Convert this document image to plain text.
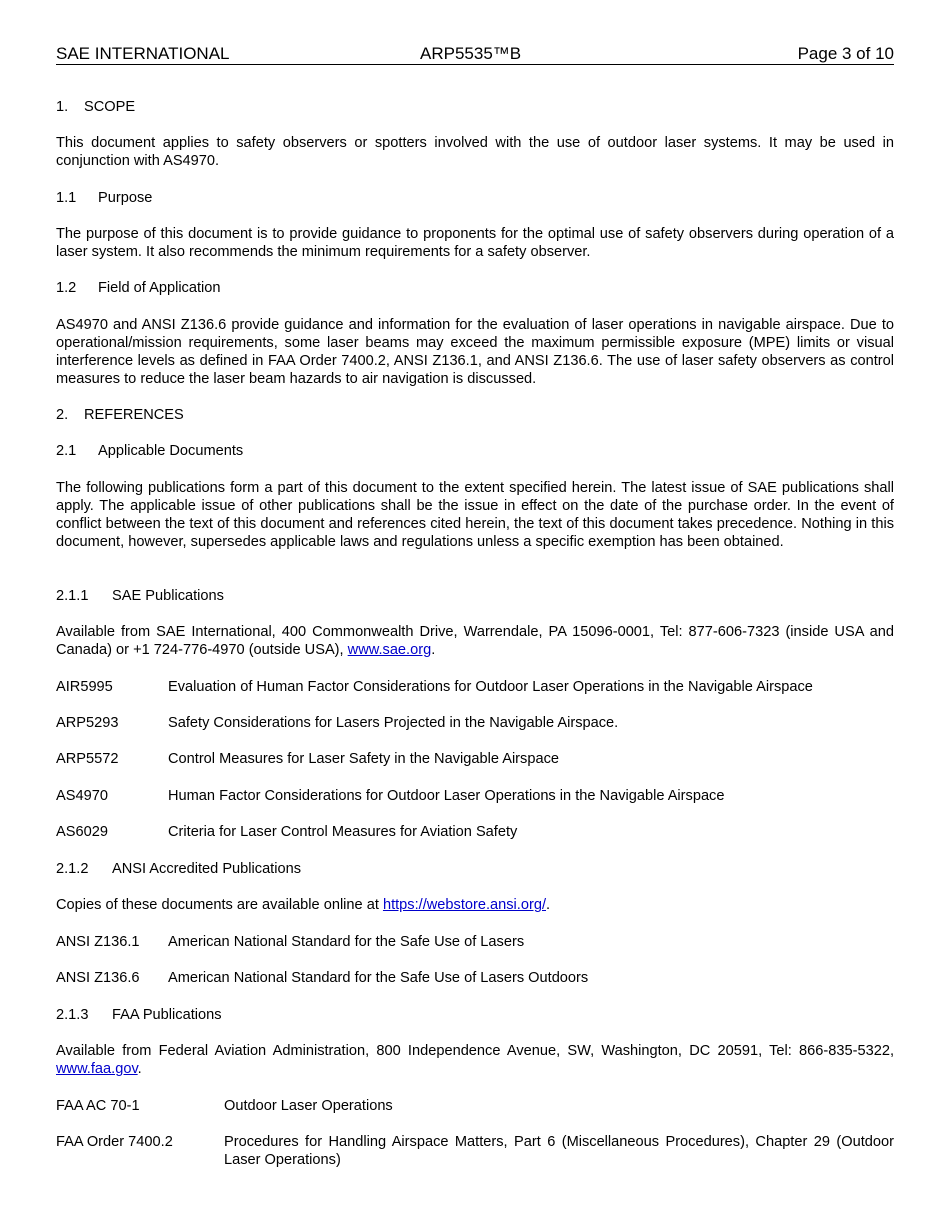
SAE INTERNATIONAL	ARP5535™B	Page 3 of 10
1. SCOPE

This document applies to safety observers or spotters involved with the use of outdoor laser systems. It may be used in conjunction with AS4970.

1.1 Purpose

The purpose of this document is to provide guidance to proponents for the optimal use of safety observers during operation of a laser system. It also recommends the minimum requirements for a safety observer.

1.2 Field of Application

AS4970 and ANSI Z136.6 provide guidance and information for the evaluation of laser operations in navigable airspace. Due to operational/mission requirements, some laser beams may exceed the maximum permissible exposure (MPE) limits or visual interference levels as defined in FAA Order 7400.2, ANSI Z136.1, and ANSI Z136.6. The use of laser safety observers as control measures to reduce the laser beam hazards to air navigation is discussed.

2. REFERENCES
2.1 Applicable Documents

The following publications form a part of this document to the extent specified herein. The latest issue of SAE publications shall apply. The applicable issue of other publications shall be the issue in effect on the date of the purchase order. In the event of conflict between the text of this document and references cited herein, the text of this document takes precedence. Nothing in this document, however, supersedes applicable laws and regulations unless a specific exemption has been obtained.

2.1.1 SAE Publications

Available from SAE International, 400 Commonwealth Drive, Warrendale, PA 15096-0001, Tel: 877-606-7323 (inside USA and Canada) or +1 724-776-4970 (outside USA), www.sae.org.

AIR5995	Evaluation of Human Factor Considerations for Outdoor Laser Operations in the Navigable Airspace
ARP5293	Safety Considerations for Lasers Projected in the Navigable Airspace.
ARP5572	Control Measures for Laser Safety in the Navigable Airspace
AS4970	Human Factor Considerations for Outdoor Laser Operations in the Navigable Airspace
AS6029	Criteria for Laser Control Measures for Aviation Safety
2.1.2 ANSI Accredited Publications

Copies of these documents are available online at https://webstore.ansi.org/.

ANSI Z136.1 American National Standard for the Safe Use of Lasers
ANSI Z136.6 American National Standard for the Safe Use of Lasers Outdoors
2.1.3 FAA Publications

Available from Federal Aviation Administration, 800 Independence Avenue, SW, Washington, DC 20591, Tel: 866-835-5322, www.faa.gov.

FAA AC 70-1	Outdoor Laser Operations
FAA Order 7400.2	Procedures for Handling Airspace Matters, Part 6 (Miscellaneous Procedures), Chapter 29 (Outdoor Laser Operations)
